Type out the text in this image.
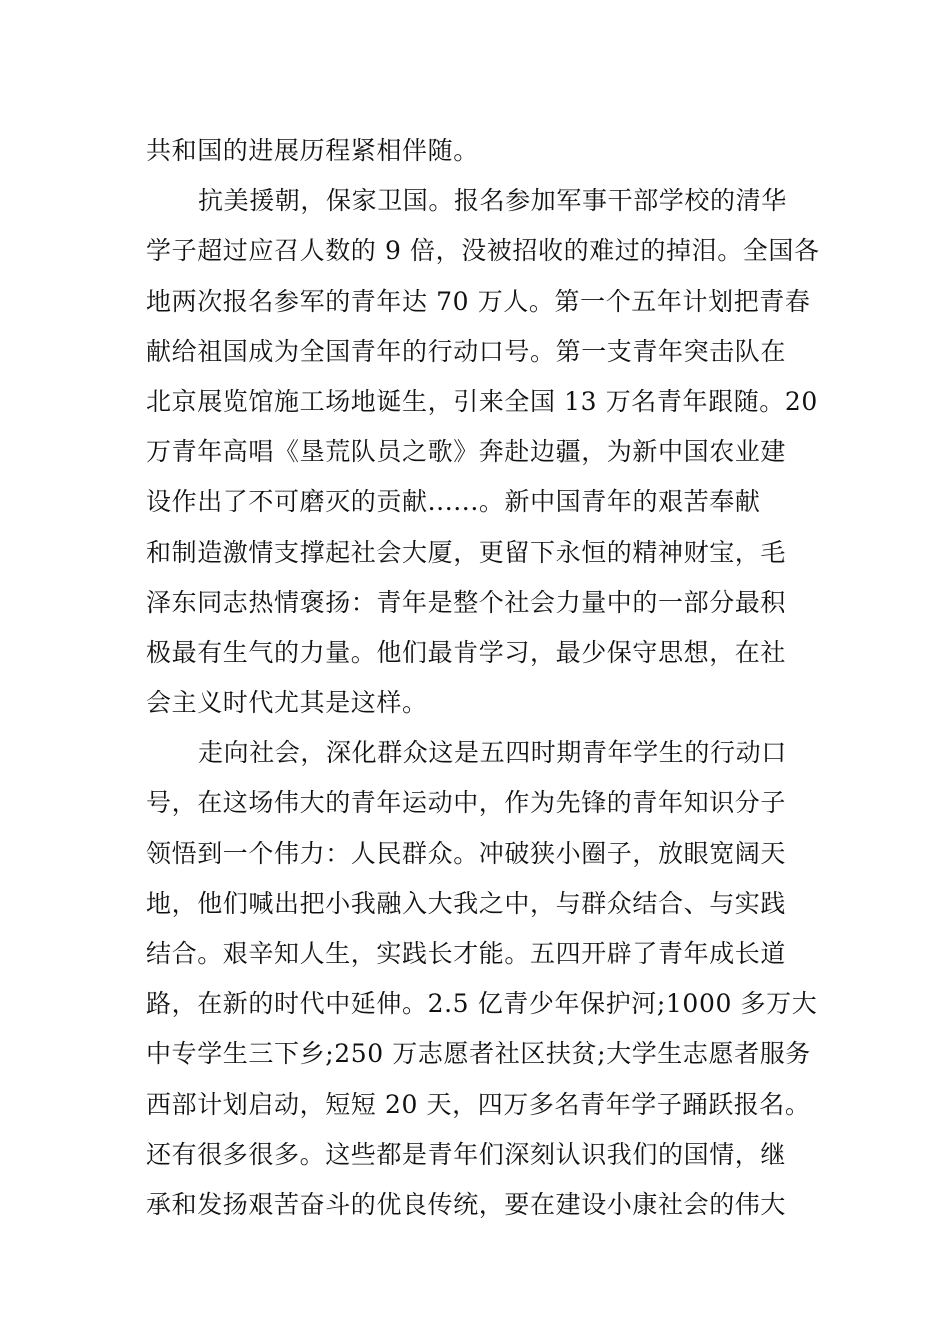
共和国的进展历程紧相伴随。
抗美援朝，保家卫国。报名参加军事干部学校的清华
学子超过应召人数的 9 倍，没被招收的难过的掉泪。全国各
地两次报名参军的青年达 70 万人。第一个五年计划把青春
献给祖国成为全国青年的行动口号。第一支青年突击队在
北京展览馆施工场地诞生，引来全国 13 万名青年跟随。20
万青年高唱《垦荒队员之歌》奔赴边疆，为新中国农业建
设作出了不可磨灭的贡献......。新中国青年的艰苦奉献
和制造激情支撑起社会大厦，更留下永恒的精神财宝，毛
泽东同志热情褒扬：青年是整个社会力量中的一部分最积
极最有生气的力量。他们最肯学习，最少保守思想，在社
会主义时代尤其是这样。
走向社会，深化群众这是五四时期青年学生的行动口
号，在这场伟大的青年运动中，作为先锋的青年知识分子
领悟到一个伟力：人民群众。冲破狭小圈子，放眼宽阔天
地，他们喊出把小我融入大我之中，与群众结合、与实践
结合。艰辛知人生，实践长才能。五四开辟了青年成长道
路，在新的时代中延伸。2.5 亿青少年保护河;1000 多万大
中专学生三下乡;250 万志愿者社区扶贫;大学生志愿者服务
西部计划启动，短短 20 天，四万多名青年学子踊跃报名。
还有很多很多。这些都是青年们深刻认识我们的国情，继
承和发扬艰苦奋斗的优良传统，要在建设小康社会的伟大
